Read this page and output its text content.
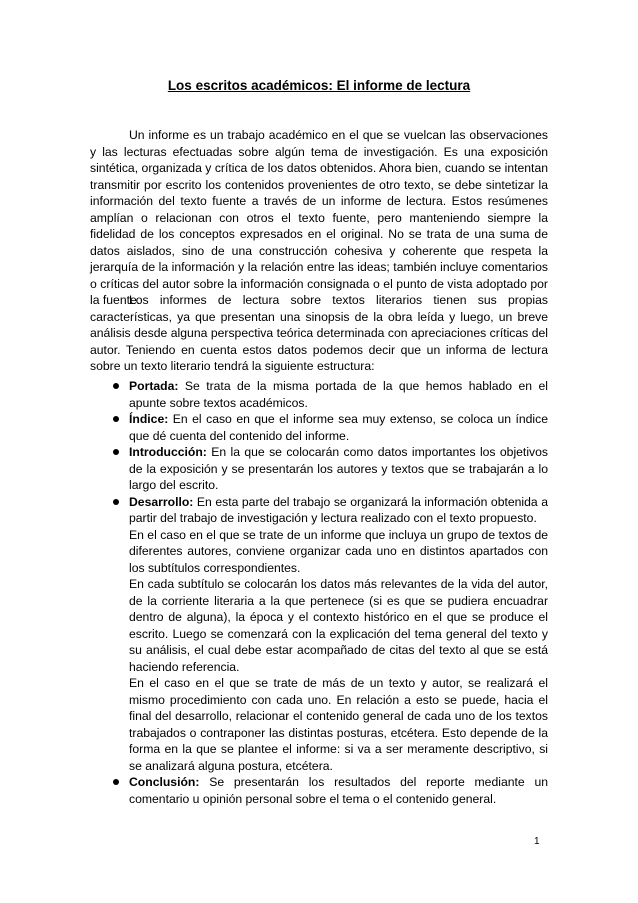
Los escritos académicos: El informe de lectura

Un informe es un trabajo académico en el que se vuelcan las observaciones y las lecturas efectuadas sobre algún tema de investigación. Es una exposición sintética, organizada y crítica de los datos obtenidos. Ahora bien, cuando se intentan transmitir por escrito los contenidos provenientes de otro texto, se debe sintetizar la información del texto fuente a través de un informe de lectura. Estos resúmenes amplían o relacionan con otros el texto fuente, pero manteniendo siempre la fidelidad de los conceptos expresados en el original. No se trata de una suma de datos aislados, sino de una construcción cohesiva y coherente que respeta la jerarquía de la información y la relación entre las ideas; también incluye comentarios o críticas del autor sobre la información consignada o el punto de vista adoptado por la fuente.

Los informes de lectura sobre textos literarios tienen sus propias características, ya que presentan una sinopsis de la obra leída y luego, un breve análisis desde alguna perspectiva teórica determinada con apreciaciones críticas del autor. Teniendo en cuenta estos datos podemos decir que un informa de lectura sobre un texto literario tendrá la siguiente estructura:

Portada: Se trata de la misma portada de la que hemos hablado en el apunte sobre textos académicos.
Índice: En el caso en que el informe sea muy extenso, se coloca un índice que dé cuenta del contenido del informe.
Introducción: En la que se colocarán como datos importantes los objetivos de la exposición y se presentarán los autores y textos que se trabajarán a lo largo del escrito.
Desarrollo: En esta parte del trabajo se organizará la información obtenida a partir del trabajo de investigación y lectura realizado con el texto propuesto.
En el caso en el que se trate de un informe que incluya un grupo de textos de diferentes autores, conviene organizar cada uno en distintos apartados con los subtítulos correspondientes.
En cada subtítulo se colocarán los datos más relevantes de la vida del autor, de la corriente literaria a la que pertenece (si es que se pudiera encuadrar dentro de alguna), la época y el contexto histórico en el que se produce el escrito. Luego se comenzará con la explicación del tema general del texto y su análisis, el cual debe estar acompañado de citas del texto al que se está haciendo referencia.
En el caso en el que se trate de más de un texto y autor, se realizará el mismo procedimiento con cada uno. En relación a esto se puede, hacia el final del desarrollo, relacionar el contenido general de cada uno de los textos trabajados o contraponer las distintas posturas, etcétera. Esto depende de la forma en la que se plantee el informe: si va a ser meramente descriptivo, si se analizará alguna postura, etcétera.
Conclusión: Se presentarán los resultados del reporte mediante un comentario u opinión personal sobre el tema o el contenido general.
1
